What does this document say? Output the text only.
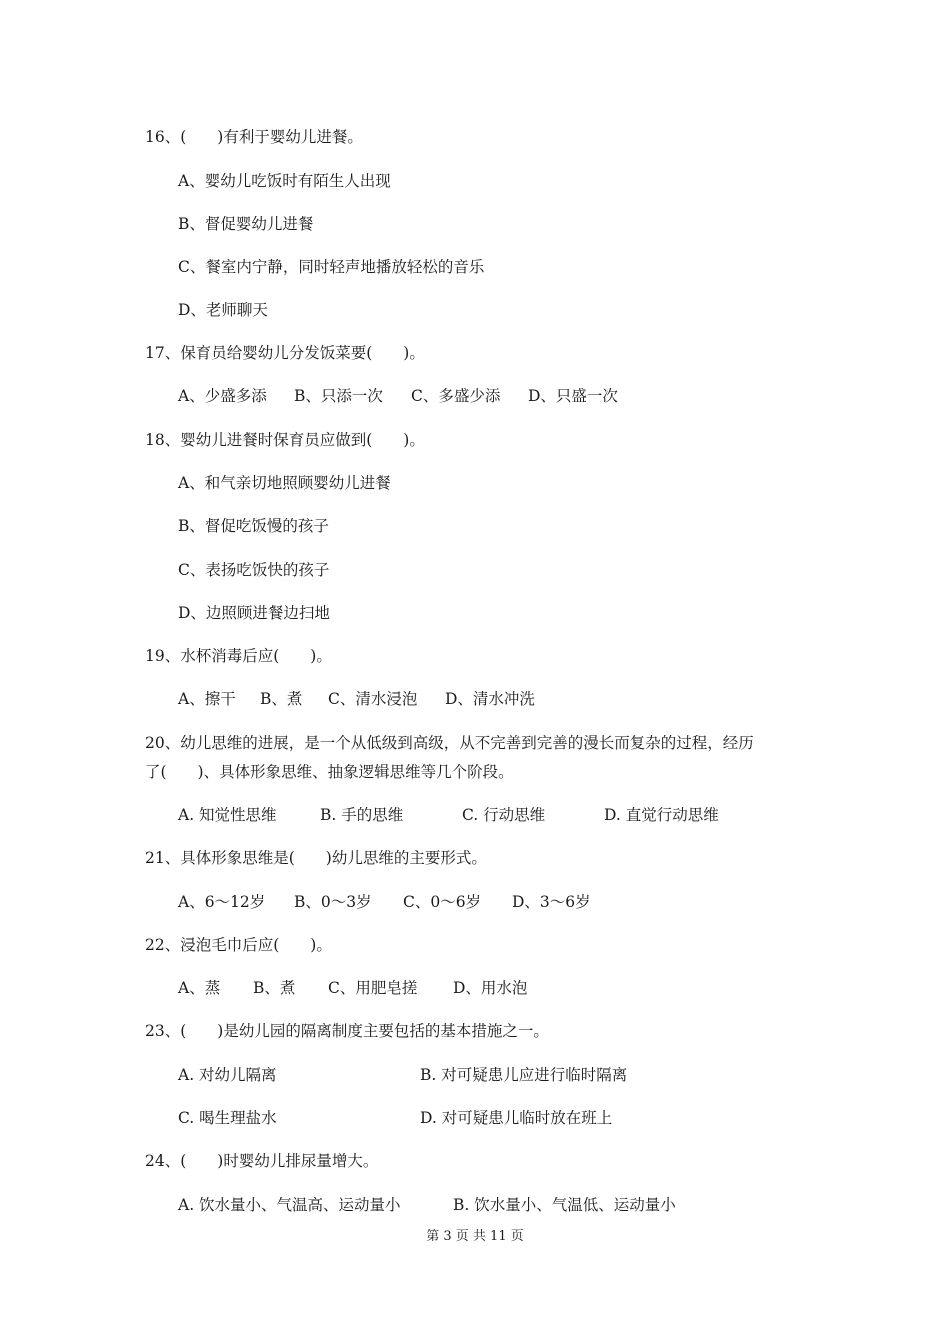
16、(　　)有利于婴幼儿进餐。
A、婴幼儿吃饭时有陌生人出现
B、督促婴幼儿进餐
C、餐室内宁静，同时轻声地播放轻松的音乐
D、老师聊天
17、保育员给婴幼儿分发饭菜要(　　)。
A、少盛多添	B、只添一次	C、多盛少添	D、只盛一次
18、婴幼儿进餐时保育员应做到(　　)。
A、和气亲切地照顾婴幼儿进餐
B、督促吃饭慢的孩子
C、表扬吃饭快的孩子
D、边照顾进餐边扫地
19、水杯消毒后应(　　)。
A、擦干	B、煮	C、清水浸泡	D、清水冲洗
20、幼儿思维的进展，是一个从低级到高级，从不完善到完善的漫长而复杂的过程，经历
了(　　)、具体形象思维、抽象逻辑思维等几个阶段。
A. 知觉性思维	B. 手的思维	C. 行动思维	D. 直觉行动思维
21、具体形象思维是(　　)幼儿思维的主要形式。
A、6～12岁	B、0～3岁	C、0～6岁	D、3～6岁
22、浸泡毛巾后应(　　)。
A、蒸	B、煮	C、用肥皂搓	D、用水泡
23、(　　)是幼儿园的隔离制度主要包括的基本措施之一。
A. 对幼儿隔离	B. 对可疑患儿应进行临时隔离
C. 喝生理盐水	D. 对可疑患儿临时放在班上
24、(　　)时婴幼儿排尿量增大。
A. 饮水量小、气温高、运动量小	B. 饮水量小、气温低、运动量小
第 3 页 共 11 页
